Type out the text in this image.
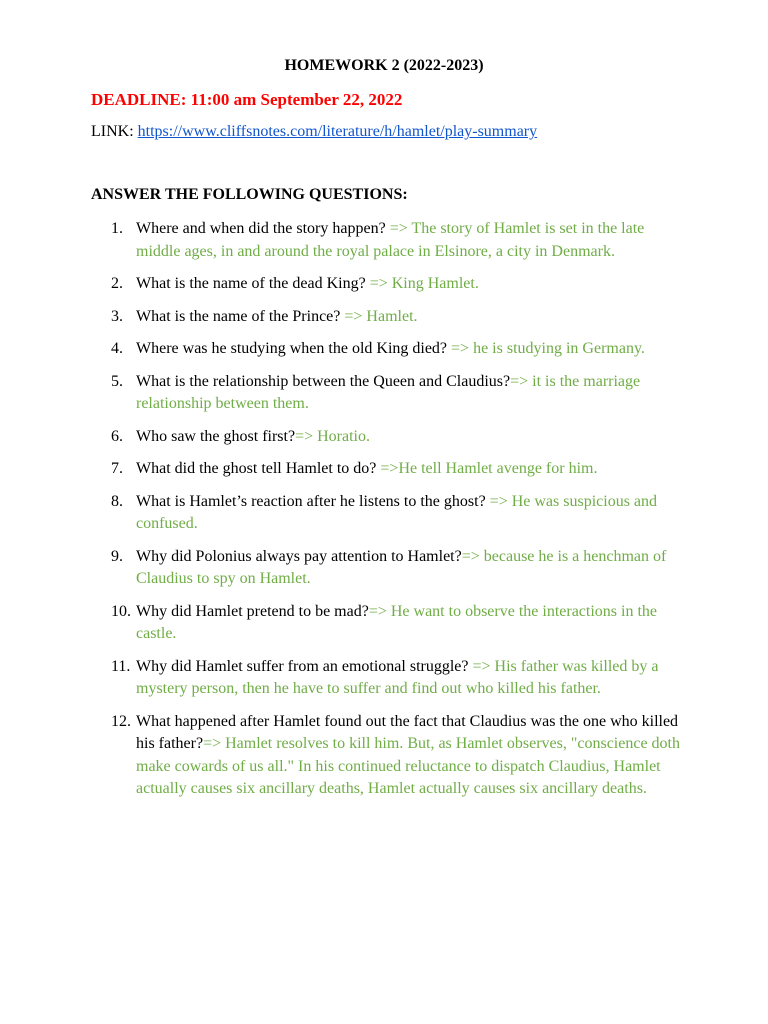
HOMEWORK 2 (2022-2023)
DEADLINE: 11:00 am September 22, 2022
LINK: https://www.cliffsnotes.com/literature/h/hamlet/play-summary
ANSWER THE FOLLOWING QUESTIONS:
1. Where and when did the story happen? => The story of Hamlet is set in the late middle ages, in and around the royal palace in Elsinore, a city in Denmark.
2. What is the name of the dead King? => King Hamlet.
3. What is the name of the Prince? => Hamlet.
4. Where was he studying when the old King died? => he is studying in Germany.
5. What is the relationship between the Queen and Claudius?=> it is the marriage relationship between them.
6. Who saw the ghost first?=> Horatio.
7. What did the ghost tell Hamlet to do? =>He tell Hamlet avenge for him.
8. What is Hamlet’s reaction after he listens to the ghost? => He was suspicious and confused.
9. Why did Polonius always pay attention to Hamlet?=> because he is a henchman of Claudius to spy on Hamlet.
10. Why did Hamlet pretend to be mad?=> He want to observe the interactions in the castle.
11. Why did Hamlet suffer from an emotional struggle? => His father was killed by a mystery person, then he have to suffer and find out who killed his father.
12. What happened after Hamlet found out the fact that Claudius was the one who killed his father?=> Hamlet resolves to kill him. But, as Hamlet observes, "conscience doth make cowards of us all." In his continued reluctance to dispatch Claudius, Hamlet actually causes six ancillary deaths, Hamlet actually causes six ancillary deaths.
